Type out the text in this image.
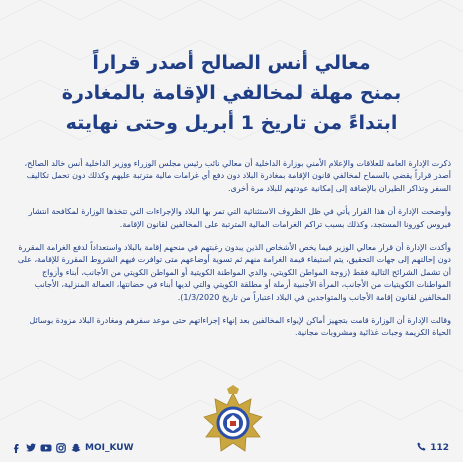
معالي أنس الصالح أصدر قراراً
بمنح مهلة لمخالفي الإقامة بالمغادرة
ابتداءً من تاريخ 1 أبريل وحتى نهايته

ذكرت الإدارة العامة للعلاقات والإعلام الأمني بوزارة الداخلية أن معالي نائب رئيس مجلس الوزراء ووزير الداخلية أنس خالد الصالح، أصدر قراراً يقضي بالسماح لمخالفي قانون الإقامة بمغادرة البلاد دون دفع أي غرامات مالية مترتبة عليهم وكذلك دون تحمل تكاليف السفر وتذاكر الطيران بالإضافة إلى إمكانية عودتهم للبلاد مرة أخرى.

وأوضحت الإدارة أن هذا القرار يأتي في ظل الظروف الاستثنائية التي تمر بها البلاد والإجراءات التي تتخذها الوزارة لمكافحة انتشار فيروس كورونا المستجد، وكذلك بسبب تراكم الغرامات المالية المترتبة على المخالفين لقانون الإقامة.

وأكدت الإدارة أن قرار معالي الوزير فيما يخص الأشخاص الذين يبدون رغبتهم في منحهم إقامة بالبلاد واستعداداً لدفع الغرامة المقررة دون إحالتهم إلى جهات التحقيق، يتم استيفاء قيمة الغرامة منهم ثم تسوية أوضاعهم متى توافرت فيهم الشروط المقررة للإقامة، على أن تشمل الشرائح التالية فقط (زوجة المواطن الكويتي، والدي المواطنة الكويتية أو المواطن الكويتي من الأجانب، أبناء وأزواج المواطنات الكويتيات من الأجانب، المرأة الأجنبية أرملة أو مطلقة الكويتي والتي لديها أبناء في حضانتها، العمالة المنزلية، الأجانب المخالفين لقانون إقامة الأجانب والمتواجدين في البلاد اعتباراً من تاريخ 1/3/2020).

وقالت الإدارة أن الوزارة قامت بتجهيز أماكن لإيواء المخالفين بعد إنهاء إجراءاتهم حتى موعد سفرهم ومغادرة البلاد مزودة بوسائل الحياة الكريمة وجبات غذائية ومشروبات مجانية.

MOI_KUW	112
